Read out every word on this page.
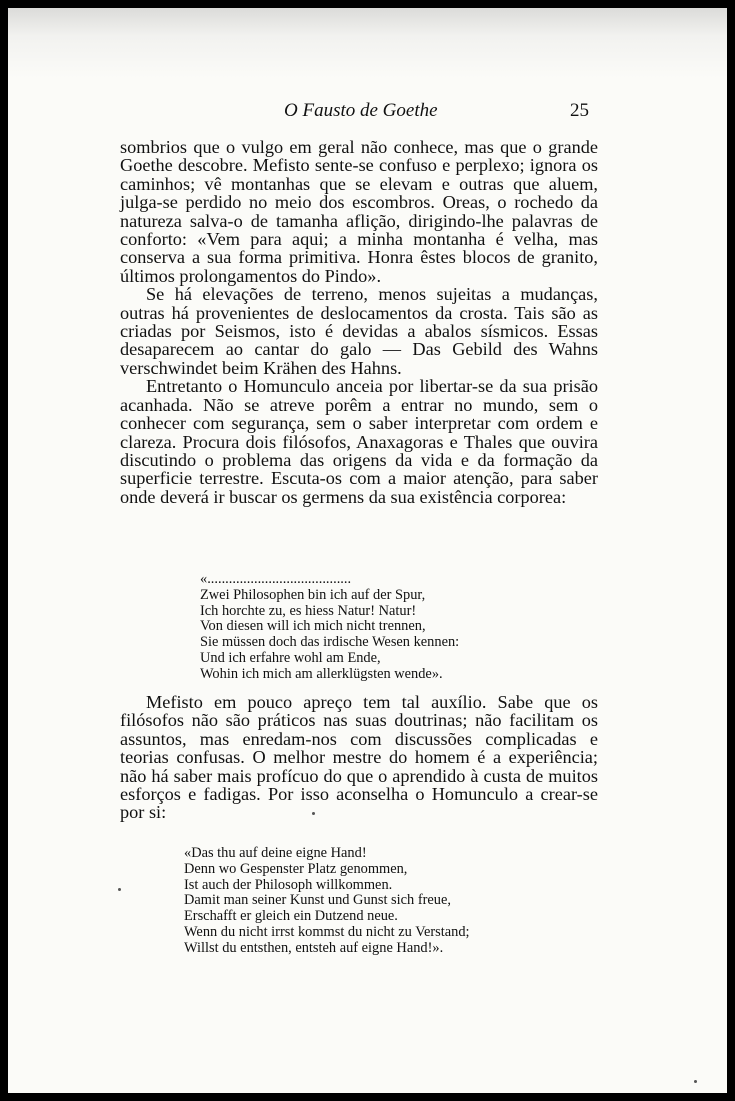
O Fausto de Goethe	25

sombrios que o vulgo em geral não conhece, mas que o grande Goethe descobre. Mefisto sente-se confuso e perplexo; ignora os caminhos; vê montanhas que se elevam e outras que aluem, julga-se perdido no meio dos escombros. Oreas, o rochedo da natureza salva-o de tamanha aflição, dirigindo-lhe palavras de conforto: «Vem para aqui; a minha montanha é velha, mas conserva a sua forma primitiva. Honra êstes blocos de granito, últimos prolongamentos do Pindo».

Se há elevações de terreno, menos sujeitas a mudanças, outras há provenientes de deslocamentos da crosta. Tais são as criadas por Seismos, isto é devidas a abalos sísmicos. Essas desaparecem ao cantar do galo — Das Gebild des Wahns verschwindet beim Krähen des Hahns.

Entretanto o Homunculo anceia por libertar-se da sua prisão acanhada. Não se atreve porêm a entrar no mundo, sem o conhecer com segurança, sem o saber interpretar com ordem e clareza. Procura dois filósofos, Anaxagoras e Thales que ouvira discutindo o problema das origens da vida e da formação da superficie terrestre. Escuta-os com a maior atenção, para saber onde deverá ir buscar os germens da sua existência corporea:

«........................................
Zwei Philosophen bin ich auf der Spur,
Ich horchte zu, es hiess Natur! Natur!
Von diesen will ich mich nicht trennen,
Sie müssen doch das irdische Wesen kennen:
Und ich erfahre wohl am Ende,
Wohin ich mich am allerklügsten wende».

Mefisto em pouco apreço tem tal auxílio. Sabe que os filósofos não são práticos nas suas doutrinas; não facilitam os assuntos, mas enredam-nos com discussões complicadas e teorias confusas. O melhor mestre do homem é a experiência; não há saber mais profícuo do que o aprendido à custa de muitos esforços e fadigas. Por isso aconselha o Homunculo a crear-se por si:

«Das thu auf deine eigne Hand!
Denn wo Gespenster Platz genommen,
Ist auch der Philosoph willkommen.
Damit man seiner Kunst und Gunst sich freue,
Erschafft er gleich ein Dutzend neue.
Wenn du nicht irrst kommst du nicht zu Verstand;
Willst du entsthen, entsteh auf eigne Hand!».
